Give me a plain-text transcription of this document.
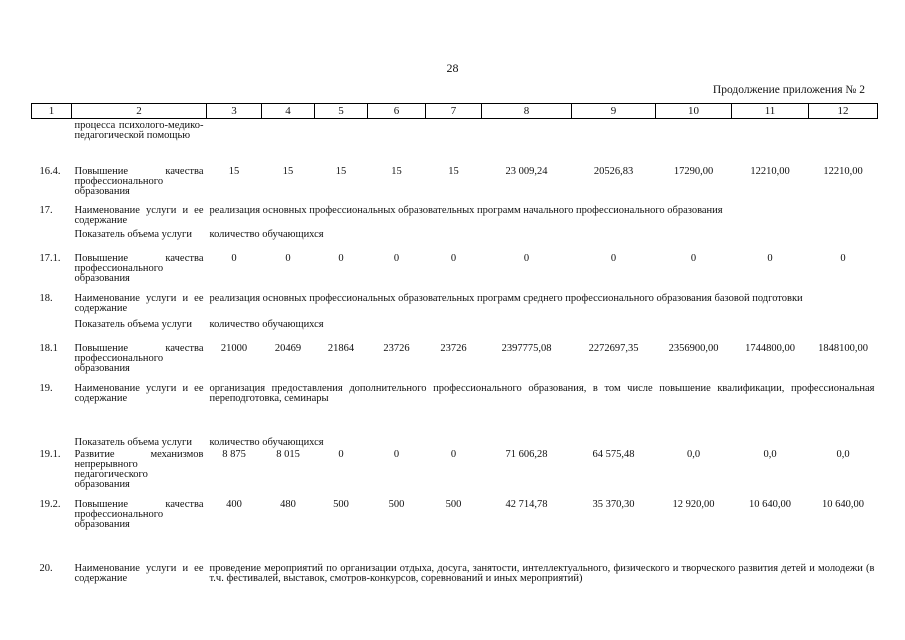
28
Продолжение приложения № 2
1	2	3	4	5	6	7	8	9	10	11	12
	процесса психолого-медико-педагогической помощью										
16.4.	Повышение качества профессионального образования	15	15	15	15	15	23 009,24	20526,83	17290,00	12210,00	12210,00
17.	Наименование услуги и ее содержание	реализация основных профессиональных образовательных программ начального профессионального образования									
	Показатель объема услуги	количество обучающихся									
17.1.	Повышение качества профессионального образования	0	0	0	0	0	0	0	0	0	0
18.	Наименование услуги и ее содержание	реализация основных профессиональных образовательных программ среднего профессионального образования базовой подготовки									
	Показатель объема услуги	количество обучающихся									
18.1	Повышение качества профессионального образования	21000	20469	21864	23726	23726	2397775,08	2272697,35	2356900,00	1744800,00	1848100,00
19.	Наименование услуги и ее содержание	организация предоставления дополнительного профессионального образования, в том числе повышение квалификации, профессиональная переподготовка, семинары									
	Показатель объема услуги	количество обучающихся									
19.1.	Развитие механизмов непрерывного педагогического образования	8 875	8 015	0	0	0	71 606,28	64 575,48	0,0	0,0	0,0
19.2.	Повышение качества профессионального образования	400	480	500	500	500	42 714,78	35 370,30	12 920,00	10 640,00	10 640,00
20.	Наименование услуги и ее содержание	проведение мероприятий по организации отдыха, досуга, занятости, интеллектуального, физического и творческого развития детей и молодежи (в т.ч. фестивалей, выставок, смотров-конкурсов, соревнований и иных мероприятий)									
